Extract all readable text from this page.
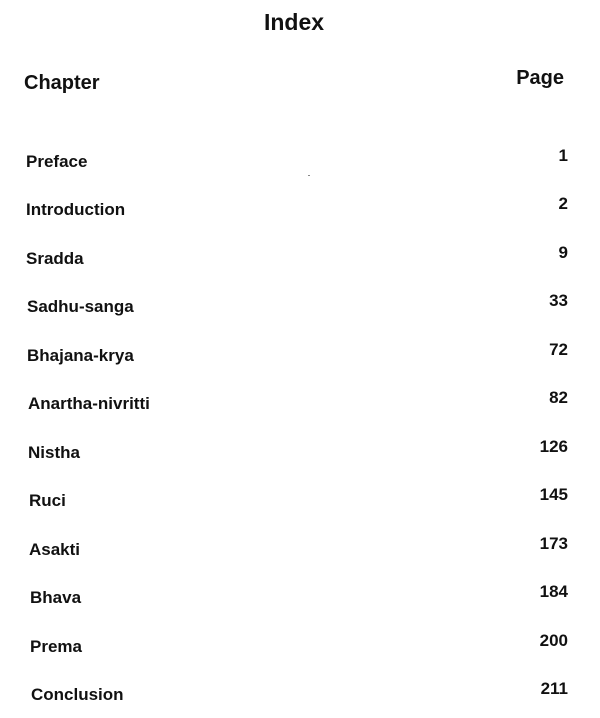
Index
Chapter	Page
Preface	1
Introduction	2
Sradda	9
Sadhu-sanga	33
Bhajana-krya	72
Anartha-nivritti	82
Nistha	126
Ruci	145
Asakti	173
Bhava	184
Prema	200
Conclusion	211
